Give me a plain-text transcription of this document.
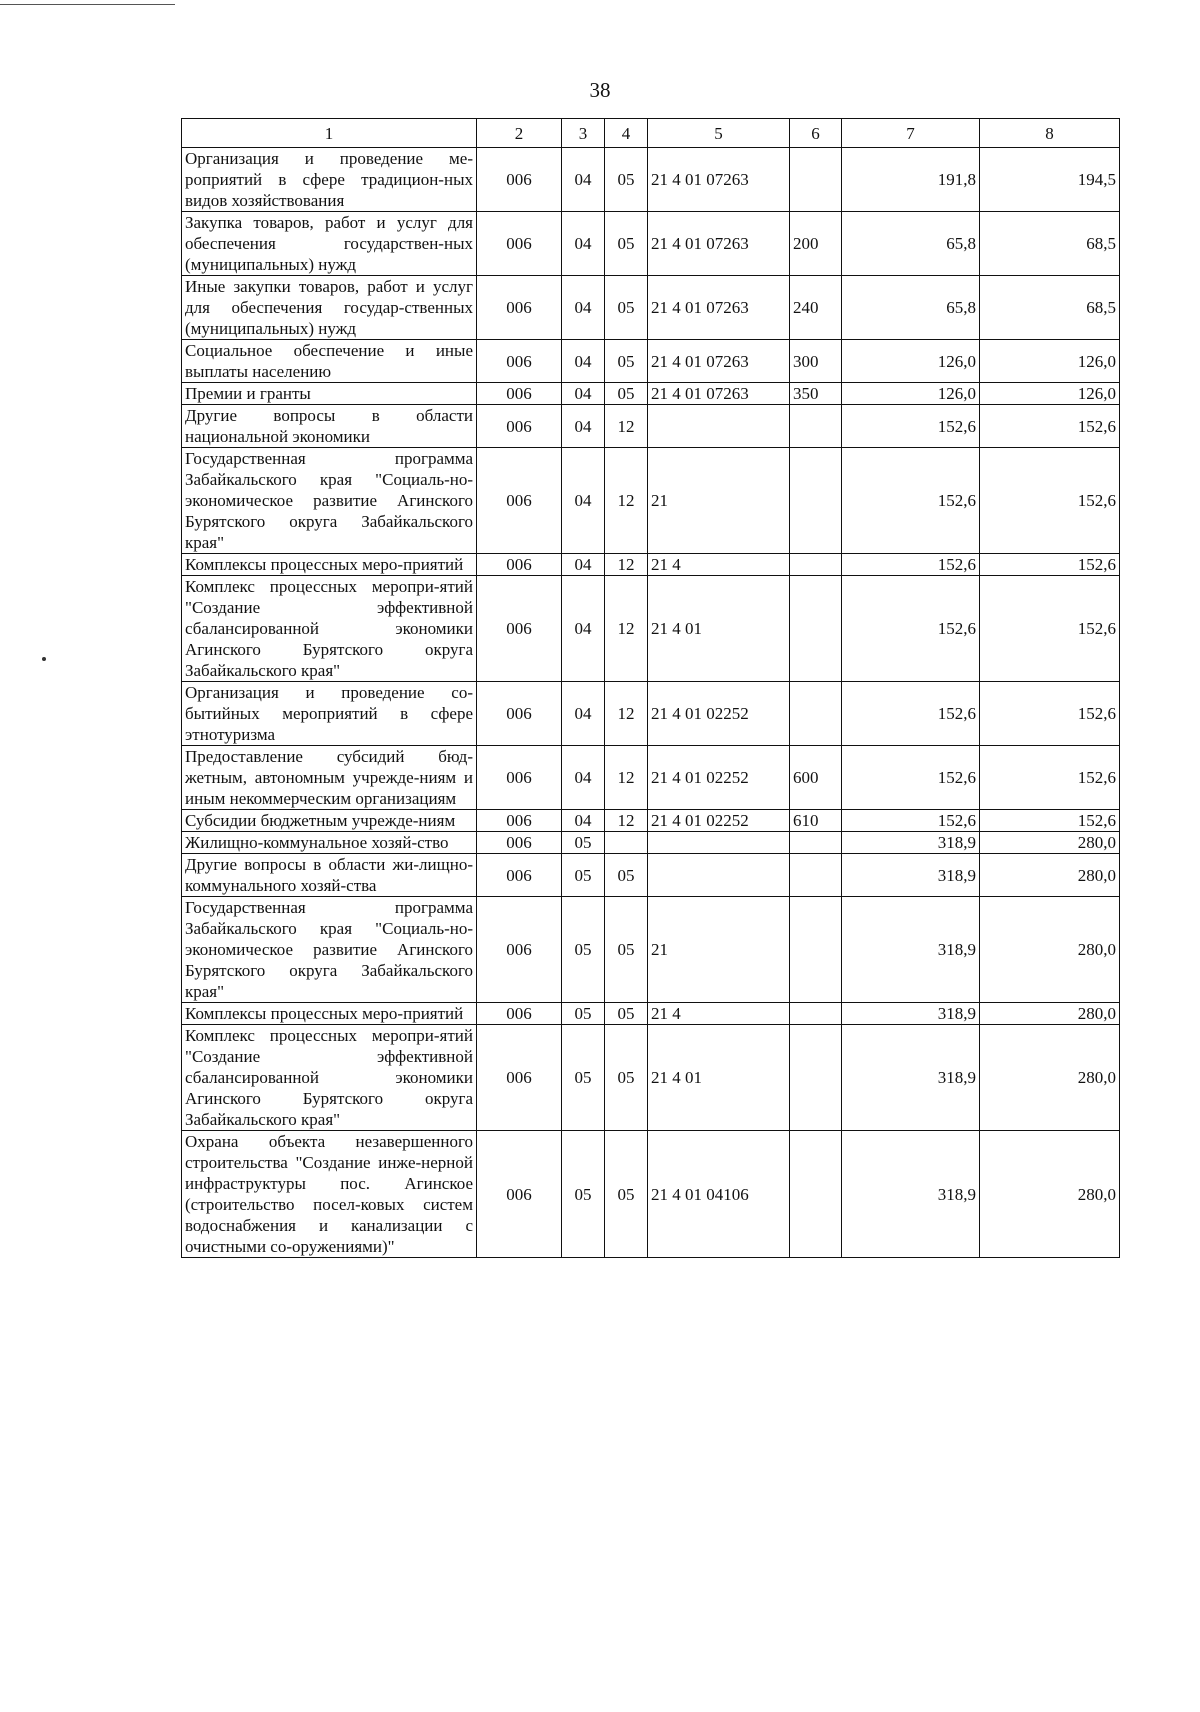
38
1	2	3	4	5	6	7	8
Организация и проведение ме-роприятий в сфере традицион-ных видов хозяйствования	006	04	05	21 4 01 07263		191,8	194,5
Закупка товаров, работ и услуг для обеспечения государствен-ных (муниципальных) нужд	006	04	05	21 4 01 07263	200	65,8	68,5
Иные закупки товаров, работ и услуг для обеспечения государ-ственных (муниципальных) нужд	006	04	05	21 4 01 07263	240	65,8	68,5
Социальное обеспечение и иные выплаты населению	006	04	05	21 4 01 07263	300	126,0	126,0
Премии и гранты	006	04	05	21 4 01 07263	350	126,0	126,0
Другие вопросы в области национальной экономики	006	04	12			152,6	152,6
Государственная программа Забайкальского края "Социаль-но-экономическое развитие Агинского Бурятского округа Забайкальского края"	006	04	12	21		152,6	152,6
Комплексы процессных меро-приятий	006	04	12	21 4		152,6	152,6
Комплекс процессных меропри-ятий "Создание эффективной сбалансированной экономики Агинского Бурятского округа Забайкальского края"	006	04	12	21 4 01		152,6	152,6
Организация и проведение со-бытийных мероприятий в сфере этнотуризма	006	04	12	21 4 01 02252		152,6	152,6
Предоставление субсидий бюд-жетным, автономным учрежде-ниям и иным некоммерческим организациям	006	04	12	21 4 01 02252	600	152,6	152,6
Субсидии бюджетным учрежде-ниям	006	04	12	21 4 01 02252	610	152,6	152,6
Жилищно-коммунальное хозяй-ство	006	05				318,9	280,0
Другие вопросы в области жи-лищно-коммунального хозяй-ства	006	05	05			318,9	280,0
Государственная программа Забайкальского края "Социаль-но-экономическое развитие Агинского Бурятского округа Забайкальского края"	006	05	05	21		318,9	280,0
Комплексы процессных меро-приятий	006	05	05	21 4		318,9	280,0
Комплекс процессных меропри-ятий "Создание эффективной сбалансированной экономики Агинского Бурятского округа Забайкальского края"	006	05	05	21 4 01		318,9	280,0
Охрана объекта незавершенного строительства "Создание инже-нерной инфраструктуры пос. Агинское (строительство посел-ковых систем водоснабжения и канализации с очистными со-оружениями)"	006	05	05	21 4 01 04106		318,9	280,0
